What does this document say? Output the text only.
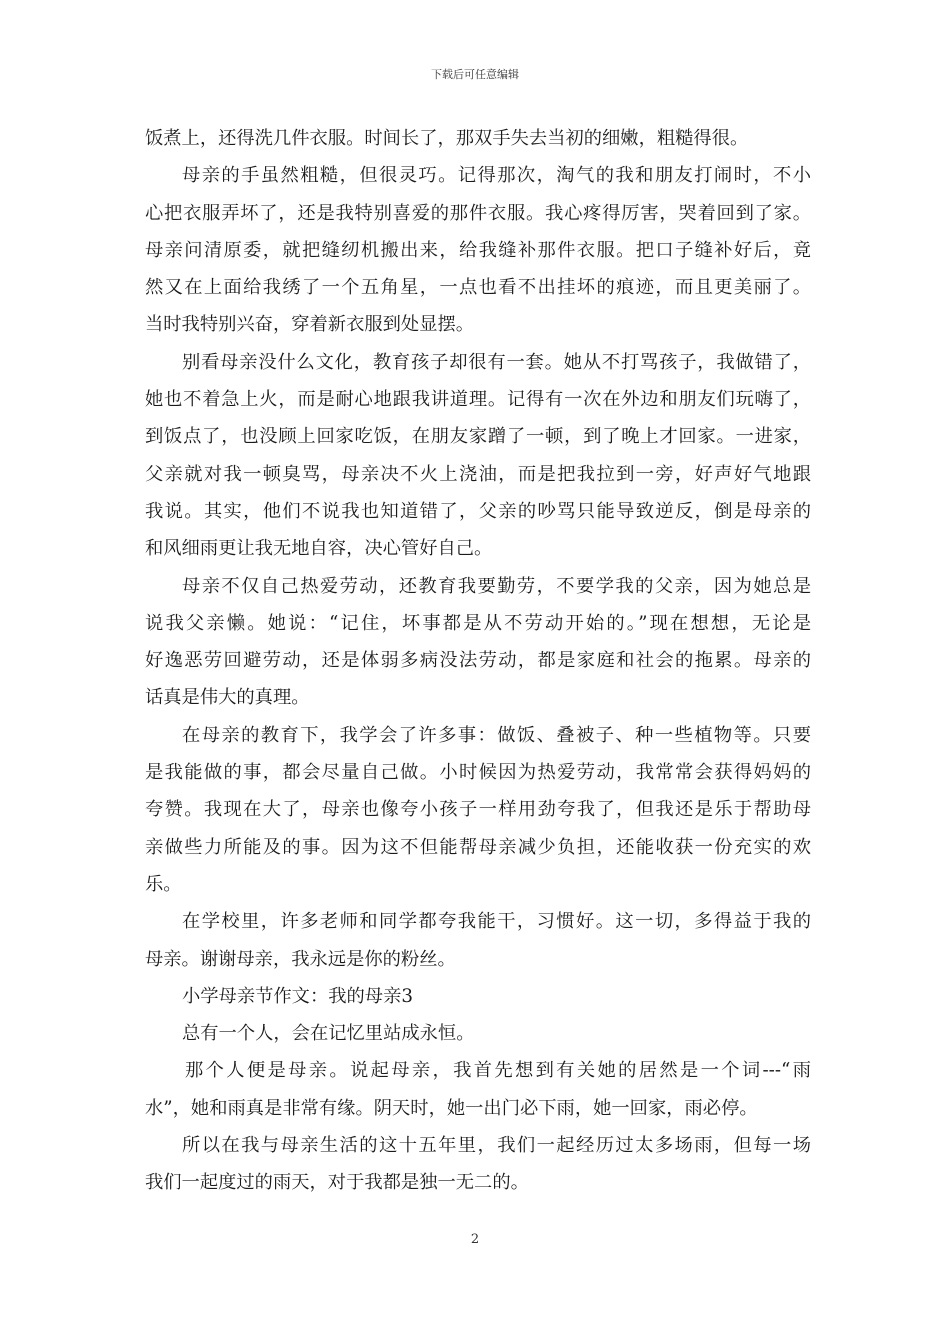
下载后可任意编辑
饭煮上，还得洗几件衣服。时间长了，那双手失去当初的细嫩，粗糙得很。
母亲的手虽然粗糙，但很灵巧。记得那次，淘气的我和朋友打闹时，不小
心把衣服弄坏了，还是我特别喜爱的那件衣服。我心疼得厉害，哭着回到了家。
母亲问清原委，就把缝纫机搬出来，给我缝补那件衣服。把口子缝补好后，竟
然又在上面给我绣了一个五角星，一点也看不出挂坏的痕迹，而且更美丽了。
当时我特别兴奋，穿着新衣服到处显摆。
别看母亲没什么文化，教育孩子却很有一套。她从不打骂孩子，我做错了，
她也不着急上火，而是耐心地跟我讲道理。记得有一次在外边和朋友们玩嗨了，
到饭点了，也没顾上回家吃饭，在朋友家蹭了一顿，到了晚上才回家。一进家，
父亲就对我一顿臭骂，母亲决不火上浇油，而是把我拉到一旁，好声好气地跟
我说。其实，他们不说我也知道错了，父亲的吵骂只能导致逆反，倒是母亲的
和风细雨更让我无地自容，决心管好自己。
母亲不仅自己热爱劳动，还教育我要勤劳，不要学我的父亲，因为她总是
说我父亲懒。她说：“记住，坏事都是从不劳动开始的。”现在想想，无论是
好逸恶劳回避劳动，还是体弱多病没法劳动，都是家庭和社会的拖累。母亲的
话真是伟大的真理。
在母亲的教育下，我学会了许多事：做饭、叠被子、种一些植物等。只要
是我能做的事，都会尽量自己做。小时候因为热爱劳动，我常常会获得妈妈的
夸赞。我现在大了，母亲也像夸小孩子一样用劲夸我了，但我还是乐于帮助母
亲做些力所能及的事。因为这不但能帮母亲减少负担，还能收获一份充实的欢
乐。
在学校里，许多老师和同学都夸我能干，习惯好。这一切，多得益于我的
母亲。谢谢母亲，我永远是你的粉丝。
小学母亲节作文：我的母亲3
总有一个人，会在记忆里站成永恒。
那个人便是母亲。说起母亲，我首先想到有关她的居然是一个词---“雨
水”，她和雨真是非常有缘。阴天时，她一出门必下雨，她一回家，雨必停。
所以在我与母亲生活的这十五年里，我们一起经历过太多场雨，但每一场
我们一起度过的雨天，对于我都是独一无二的。
2
